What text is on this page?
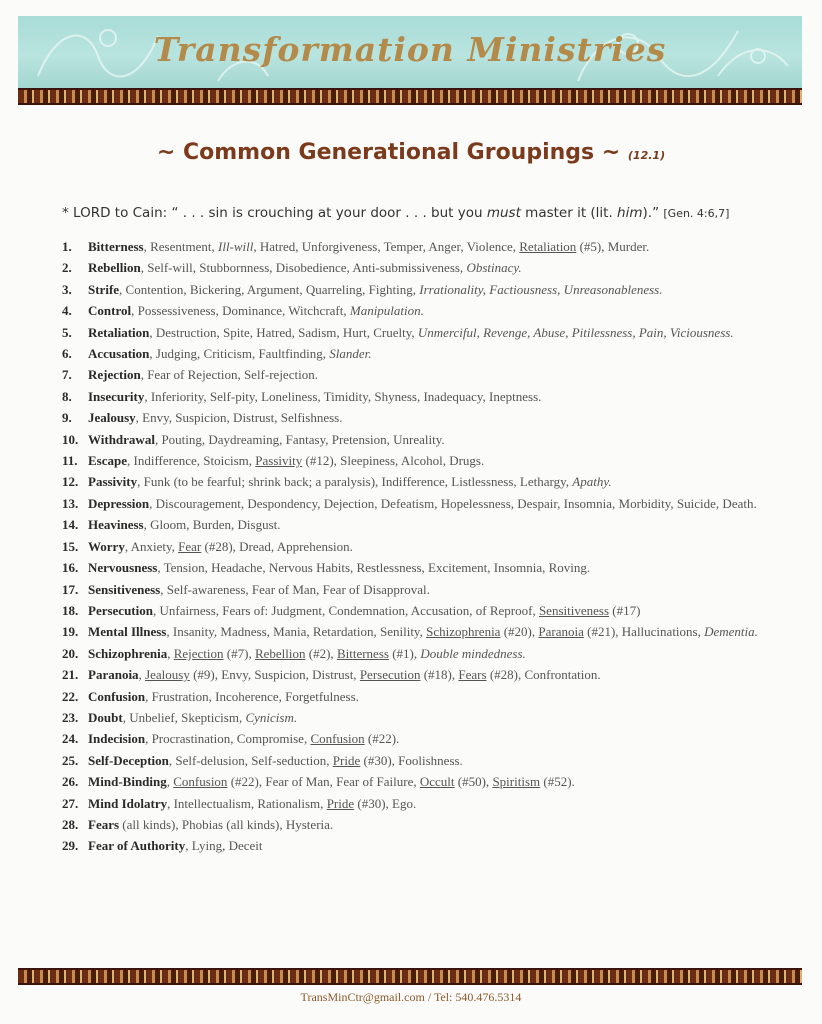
Transformation Ministries
~ Common Generational Groupings ~ (12.1)
* LORD to Cain: “ . . . sin is crouching at your door . . . but you must master it (lit. him).” [Gen. 4:6,7]
1. Bitterness, Resentment, Ill-will, Hatred, Unforgiveness, Temper, Anger, Violence, Retaliation (#5), Murder.
2. Rebellion, Self-will, Stubbornness, Disobedience, Anti-submissiveness, Obstinacy.
3. Strife, Contention, Bickering, Argument, Quarreling, Fighting, Irrationality, Factiousness, Unreasonableness.
4. Control, Possessiveness, Dominance, Witchcraft, Manipulation.
5. Retaliation, Destruction, Spite, Hatred, Sadism, Hurt, Cruelty, Unmerciful, Revenge, Abuse, Pitilessness, Pain, Viciousness.
6. Accusation, Judging, Criticism, Faultfinding, Slander.
7. Rejection, Fear of Rejection, Self-rejection.
8. Insecurity, Inferiority, Self-pity, Loneliness, Timidity, Shyness, Inadequacy, Ineptness.
9. Jealousy, Envy, Suspicion, Distrust, Selfishness.
10. Withdrawal, Pouting, Daydreaming, Fantasy, Pretension, Unreality.
11. Escape, Indifference, Stoicism, Passivity (#12), Sleepiness, Alcohol, Drugs.
12. Passivity, Funk (to be fearful; shrink back; a paralysis), Indifference, Listlessness, Lethargy, Apathy.
13. Depression, Discouragement, Despondency, Dejection, Defeatism, Hopelessness, Despair, Insomnia, Morbidity, Suicide, Death.
14. Heaviness, Gloom, Burden, Disgust.
15. Worry, Anxiety, Fear (#28), Dread, Apprehension.
16. Nervousness, Tension, Headache, Nervous Habits, Restlessness, Excitement, Insomnia, Roving.
17. Sensitiveness, Self-awareness, Fear of Man, Fear of Disapproval.
18. Persecution, Unfairness, Fears of: Judgment, Condemnation, Accusation, of Reproof, Sensitiveness (#17)
19. Mental Illness, Insanity, Madness, Mania, Retardation, Senility, Schizophrenia (#20), Paranoia (#21), Hallucinations, Dementia.
20. Schizophrenia, Rejection (#7), Rebellion (#2), Bitterness (#1), Double mindedness.
21. Paranoia, Jealousy (#9), Envy, Suspicion, Distrust, Persecution (#18), Fears (#28), Confrontation.
22. Confusion, Frustration, Incoherence, Forgetfulness.
23. Doubt, Unbelief, Skepticism, Cynicism.
24. Indecision, Procrastination, Compromise, Confusion (#22).
25. Self-Deception, Self-delusion, Self-seduction, Pride (#30), Foolishness.
26. Mind-Binding, Confusion (#22), Fear of Man, Fear of Failure, Occult (#50), Spiritism (#52).
27. Mind Idolatry, Intellectualism, Rationalism, Pride (#30), Ego.
28. Fears (all kinds), Phobias (all kinds), Hysteria.
29. Fear of Authority, Lying, Deceit
TransMinCtr@gmail.com / Tel: 540.476.5314
